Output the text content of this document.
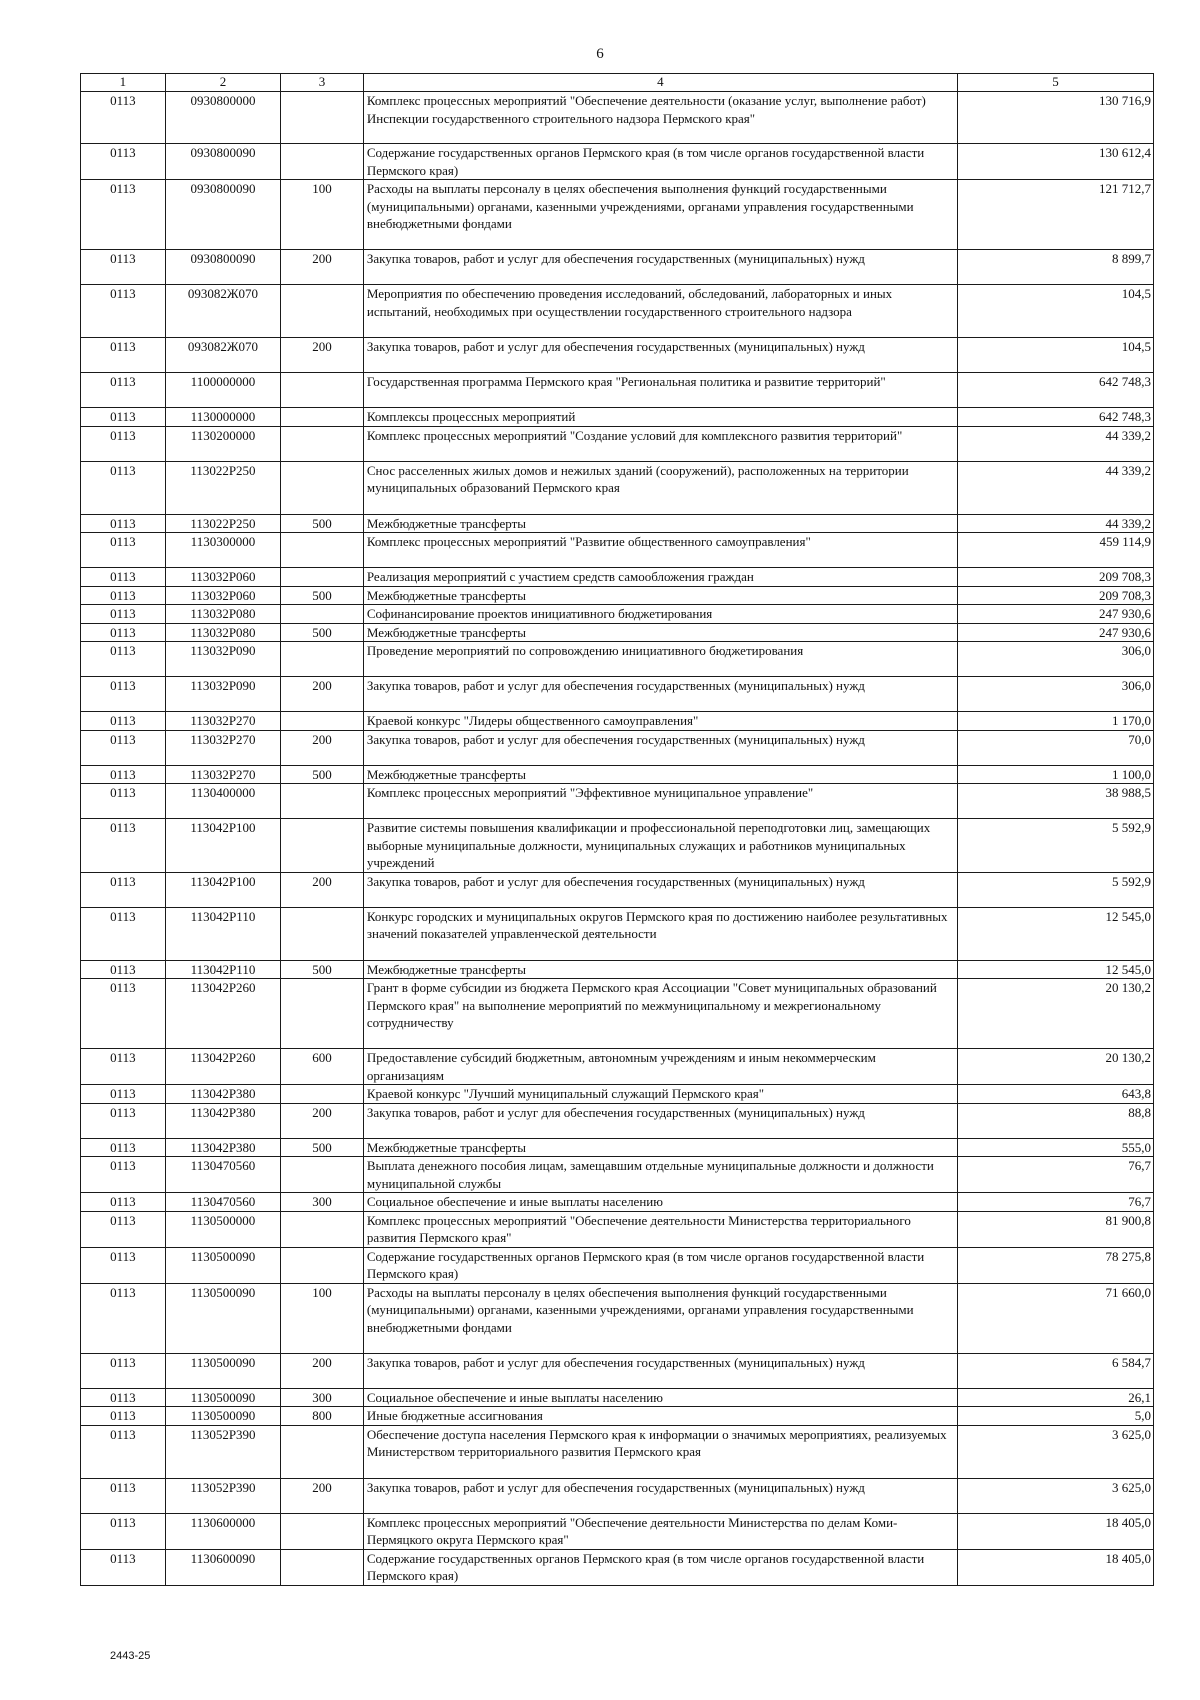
6
1	2	3	4	5
0113	0930800000		Комплекс процессных мероприятий "Обеспечение деятельности (оказание услуг, выполнение работ) Инспекции государственного строительного надзора Пермского края"	130 716,9
0113	0930800090		Содержание государственных органов Пермского края (в том числе органов государственной власти Пермского края)	130 612,4
0113	0930800090	100	Расходы на выплаты персоналу в целях обеспечения выполнения функций государственными (муниципальными) органами, казенными учреждениями, органами управления государственными внебюджетными фондами	121 712,7
0113	0930800090	200	Закупка товаров, работ и услуг для обеспечения государственных (муниципальных) нужд	8 899,7
0113	093082Ж070		Мероприятия по обеспечению проведения исследований, обследований, лабораторных и иных испытаний, необходимых при осуществлении государственного строительного надзора	104,5
0113	093082Ж070	200	Закупка товаров, работ и услуг для обеспечения государственных (муниципальных) нужд	104,5
0113	1100000000		Государственная программа Пермского края "Региональная политика и развитие территорий"	642 748,3
0113	1130000000		Комплексы процессных мероприятий	642 748,3
0113	1130200000		Комплекс процессных мероприятий "Создание условий для комплексного развития территорий"	44 339,2
0113	113022Р250		Снос расселенных жилых домов и нежилых зданий (сооружений), расположенных на территории муниципальных образований Пермского края	44 339,2
0113	113022Р250	500	Межбюджетные трансферты	44 339,2
0113	1130300000		Комплекс процессных мероприятий "Развитие общественного самоуправления"	459 114,9
0113	113032Р060		Реализация мероприятий с участием средств самообложения граждан	209 708,3
0113	113032Р060	500	Межбюджетные трансферты	209 708,3
0113	113032Р080		Софинансирование проектов инициативного бюджетирования	247 930,6
0113	113032Р080	500	Межбюджетные трансферты	247 930,6
0113	113032Р090		Проведение мероприятий по сопровождению инициативного бюджетирования	306,0
0113	113032Р090	200	Закупка товаров, работ и услуг для обеспечения государственных (муниципальных) нужд	306,0
0113	113032Р270		Краевой конкурс "Лидеры общественного самоуправления"	1 170,0
0113	113032Р270	200	Закупка товаров, работ и услуг для обеспечения государственных (муниципальных) нужд	70,0
0113	113032Р270	500	Межбюджетные трансферты	1 100,0
0113	1130400000		Комплекс процессных мероприятий "Эффективное муниципальное управление"	38 988,5
0113	113042Р100		Развитие системы повышения квалификации и профессиональной переподготовки лиц, замещающих выборные муниципальные должности, муниципальных служащих и работников муниципальных учреждений	5 592,9
0113	113042Р100	200	Закупка товаров, работ и услуг для обеспечения государственных (муниципальных) нужд	5 592,9
0113	113042Р110		Конкурс городских и муниципальных округов Пермского края по достижению наиболее результативных значений показателей управленческой деятельности	12 545,0
0113	113042Р110	500	Межбюджетные трансферты	12 545,0
0113	113042Р260		Грант в форме субсидии из бюджета Пермского края Ассоциации "Совет муниципальных образований Пермского края" на выполнение мероприятий по межмуниципальному и межрегиональному сотрудничеству	20 130,2
0113	113042Р260	600	Предоставление субсидий бюджетным, автономным учреждениям и иным некоммерческим организациям	20 130,2
0113	113042Р380		Краевой конкурс "Лучший муниципальный служащий Пермского края"	643,8
0113	113042Р380	200	Закупка товаров, работ и услуг для обеспечения государственных (муниципальных) нужд	88,8
0113	113042Р380	500	Межбюджетные трансферты	555,0
0113	1130470560		Выплата денежного пособия лицам, замещавшим отдельные муниципальные должности и должности муниципальной службы	76,7
0113	1130470560	300	Социальное обеспечение и иные выплаты населению	76,7
0113	1130500000		Комплекс процессных мероприятий "Обеспечение деятельности Министерства территориального развития Пермского края"	81 900,8
0113	1130500090		Содержание государственных органов Пермского края (в том числе органов государственной власти Пермского края)	78 275,8
0113	1130500090	100	Расходы на выплаты персоналу в целях обеспечения выполнения функций государственными (муниципальными) органами, казенными учреждениями, органами управления государственными внебюджетными фондами	71 660,0
0113	1130500090	200	Закупка товаров, работ и услуг для обеспечения государственных (муниципальных) нужд	6 584,7
0113	1130500090	300	Социальное обеспечение и иные выплаты населению	26,1
0113	1130500090	800	Иные бюджетные ассигнования	5,0
0113	113052Р390		Обеспечение доступа населения Пермского края к информации о значимых мероприятиях, реализуемых Министерством территориального развития Пермского края	3 625,0
0113	113052Р390	200	Закупка товаров, работ и услуг для обеспечения государственных (муниципальных) нужд	3 625,0
0113	1130600000		Комплекс процессных мероприятий "Обеспечение деятельности Министерства по делам Коми-Пермяцкого округа Пермского края"	18 405,0
0113	1130600090		Содержание государственных органов Пермского края (в том числе органов государственной власти Пермского края)	18 405,0
2443-25
